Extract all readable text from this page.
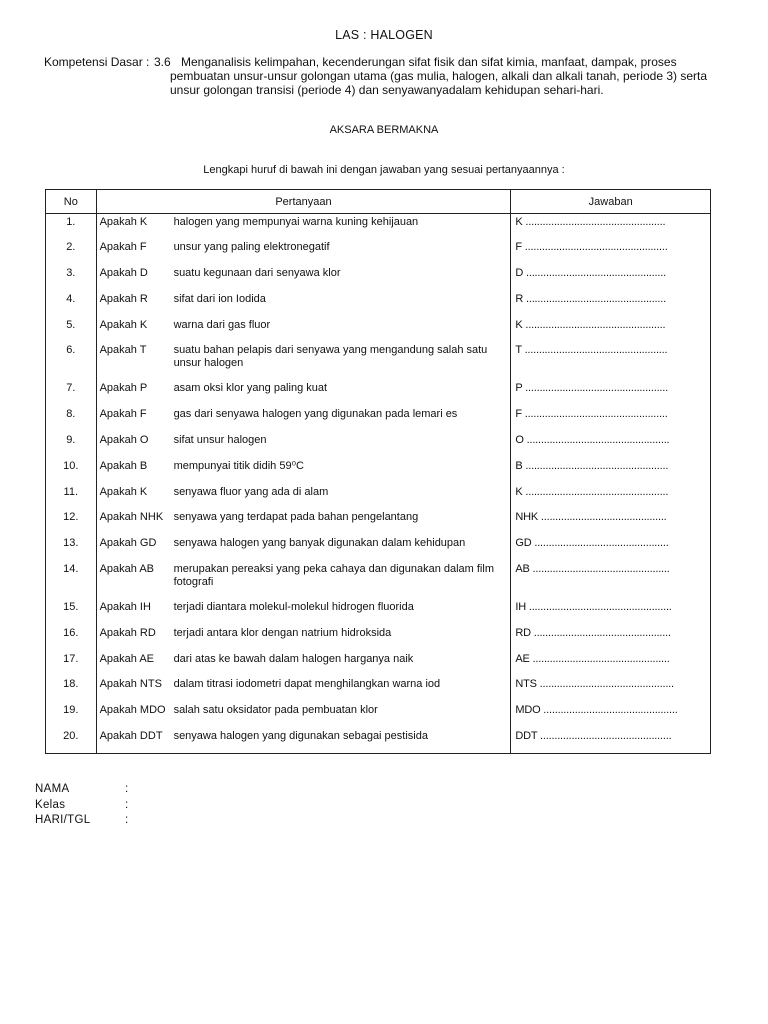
LAS : HALOGEN
Kompetensi Dasar : 3.6 Menganalisis kelimpahan, kecenderungan sifat fisik dan sifat kimia, manfaat, dampak, proses
pembuatan unsur-unsur golongan utama (gas mulia, halogen, alkali dan alkali tanah, periode 3) serta
unsur golongan transisi (periode 4) dan senyawanyadalam kehidupan sehari-hari.
AKSARA BERMAKNA
Lengkapi huruf di bawah ini dengan jawaban yang sesuai pertanyaannya :
No	Pertanyaan	Jawaban

1.	Apakah K halogen yang mempunyai warna kuning kehijauan	K .................................................

2.	Apakah F unsur yang paling elektronegatif	F ..................................................

3.	Apakah D suatu kegunaan dari senyawa klor	D .................................................

4.	Apakah R sifat dari ion Iodida	R .................................................

5.	Apakah K warna dari gas fluor	K .................................................

6.	Apakah T suatu bahan pelapis dari senyawa yang mengandung salah satu unsur halogen	T ..................................................

7.	Apakah P asam oksi klor yang paling kuat	P ..................................................

8.	Apakah F gas dari senyawa halogen yang digunakan pada lemari es	F ..................................................

9.	Apakah O sifat unsur halogen	O ..................................................

10.	Apakah B mempunyai titik didih 59⁰C	B ..................................................

11.	Apakah K senyawa fluor yang ada di alam	K ..................................................

12.	Apakah NHK senyawa yang terdapat pada bahan pengelantang	NHK ............................................

13.	Apakah GD senyawa halogen yang banyak digunakan dalam kehidupan	GD ...............................................

14.	Apakah AB merupakan pereaksi yang peka cahaya dan digunakan dalam film fotografi	AB ................................................

15.	Apakah IH terjadi diantara molekul-molekul hidrogen fluorida	IH ..................................................

16.	Apakah RD terjadi antara klor dengan natrium hidroksida	RD ................................................

17.	Apakah AE dari atas ke bawah dalam halogen harganya naik	AE ................................................

18.	Apakah NTS dalam titrasi iodometri dapat menghilangkan warna iod	NTS ...............................................

19.	Apakah MDO salah satu oksidator pada pembuatan klor	MDO ...............................................

20.	Apakah DDT senyawa halogen yang digunakan sebagai pestisida	DDT ..............................................
NAMA	:
Kelas	:
HARI/TGL	:
